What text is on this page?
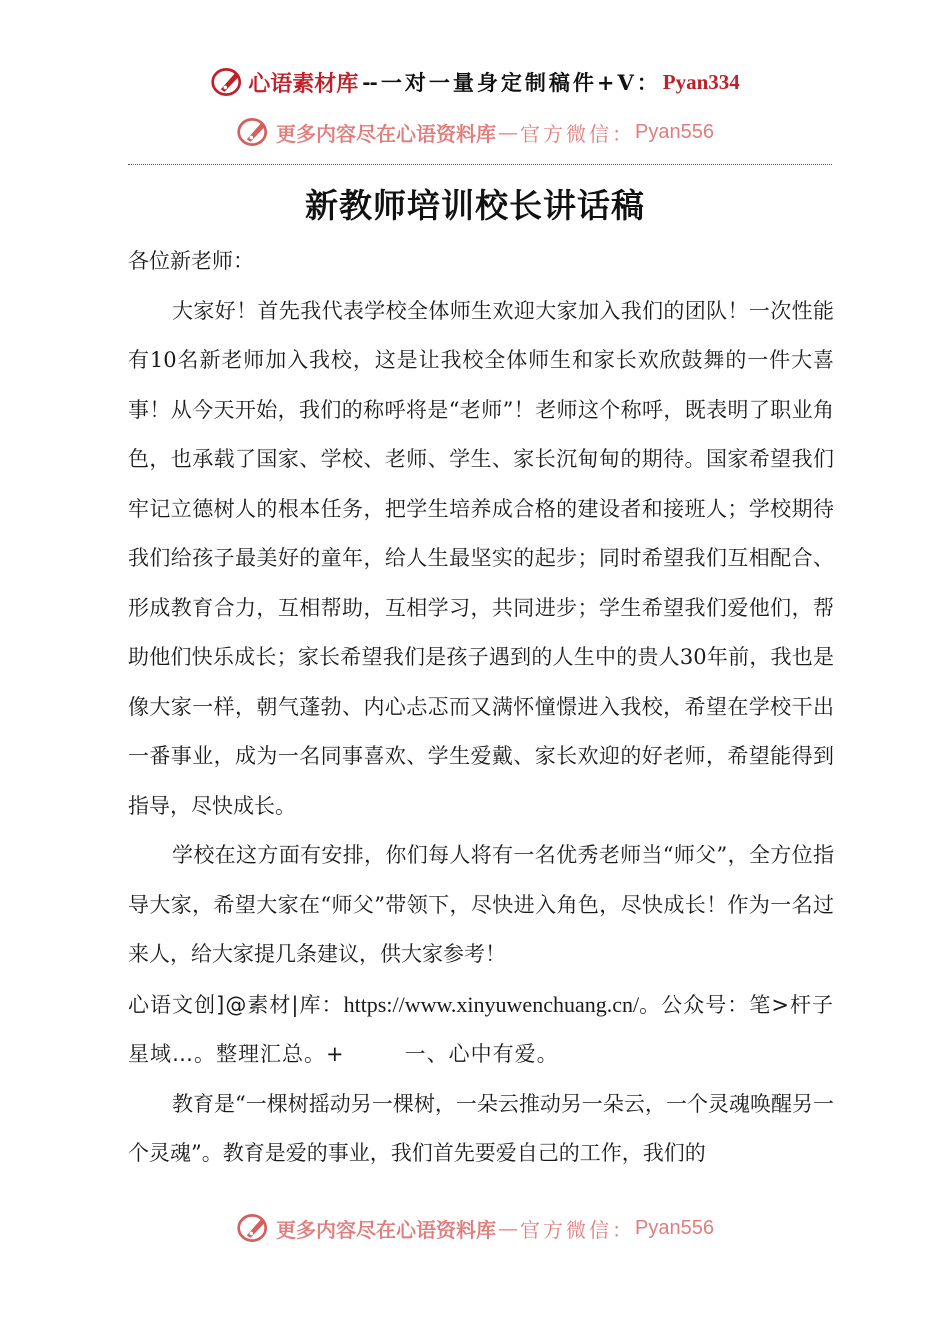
心语素材库 -- 一对一量身定制稿件+V： Pyan334
更多内容尽在心语资料库 — 官方微信： Pyan556
新教师培训校长讲话稿

各位新老师：

大家好！首先我代表学校全体师生欢迎大家加入我们的团队！一次性能有10名新老师加入我校，这是让我校全体师生和家长欢欣鼓舞的一件大喜事！从今天开始，我们的称呼将是“老师”！老师这个称呼，既表明了职业角色，也承载了国家、学校、老师、学生、家长沉甸甸的期待。国家希望我们牢记立德树人的根本任务，把学生培养成合格的建设者和接班人；学校期待我们给孩子最美好的童年，给人生最坚实的起步；同时希望我们互相配合、形成教育合力，互相帮助，互相学习，共同进步；学生希望我们爱他们，帮助他们快乐成长；家长希望我们是孩子遇到的人生中的贵人30年前，我也是像大家一样，朝气蓬勃、内心忐忑而又满怀憧憬进入我校，希望在学校干出一番事业，成为一名同事喜欢、学生爱戴、家长欢迎的好老师，希望能得到指导，尽快成长。

学校在这方面有安排，你们每人将有一名优秀老师当“师父”，全方位指导大家，希望大家在“师父”带领下，尽快进入角色，尽快成长！作为一名过来人，给大家提几条建议，供大家参考！

心语文创]@素材|库：https://www.xinyuwenchuang.cn/。公众号：笔>杆子星域…。整理汇总。+	一、心中有爱。

教育是“一棵树摇动另一棵树，一朵云推动另一朵云，一个灵魂唤醒另一个灵魂”。教育是爱的事业，我们首先要爱自己的工作，我们的

更多内容尽在心语资料库 — 官方微信： Pyan556
